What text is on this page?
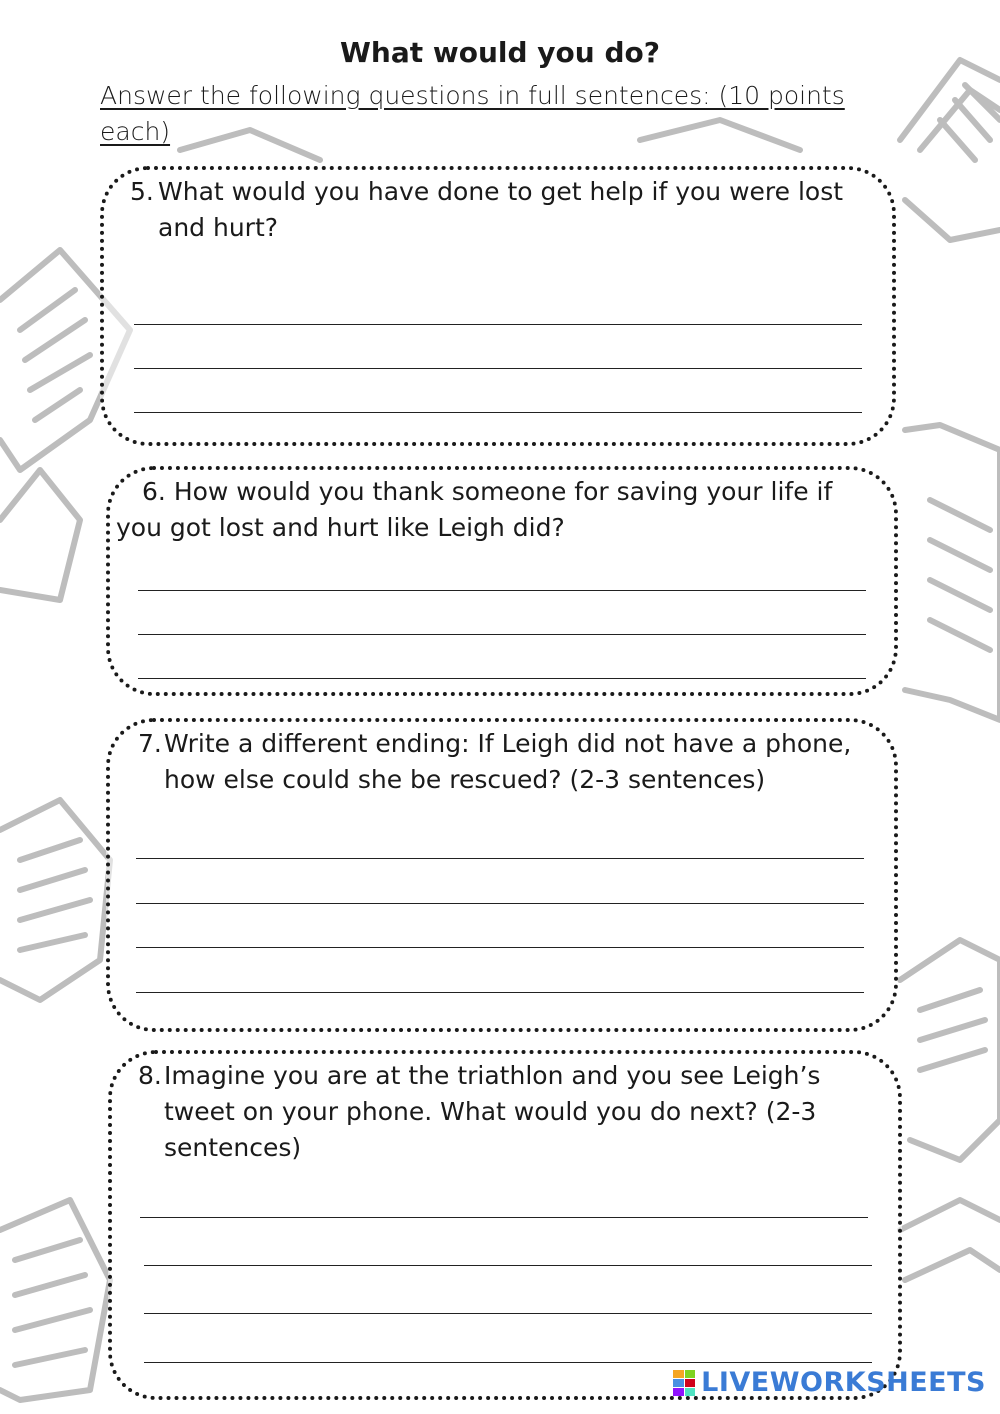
What would you do?
Answer the following questions in full sentences: (10 points each)
5. What would you have done to get help if you were lost and hurt?
6. How would you thank someone for saving your life if you got lost and hurt like Leigh did?
7. Write a different ending: If Leigh did not have a phone, how else could she be rescued? (2-3 sentences)
8. Imagine you are at the triathlon and you see Leigh’s tweet on your phone. What would you do next? (2-3 sentences)
LIVEWORKSHEETS
